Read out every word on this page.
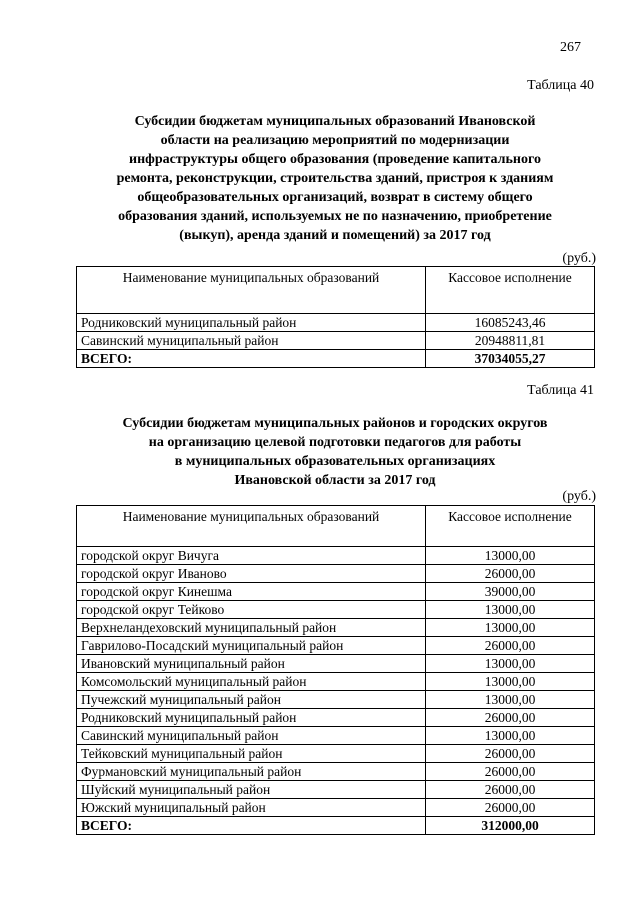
267
Таблица 40
Субсидии бюджетам муниципальных образований Ивановской
области на реализацию мероприятий по модернизации
инфраструктуры общего образования (проведение капитального
ремонта, реконструкции, строительства зданий, пристроя к зданиям
общеобразовательных организаций, возврат в систему общего
образования зданий, используемых не по назначению, приобретение
(выкуп), аренда зданий и помещений) за 2017 год
(руб.)
Наименование муниципальных образований	Кассовое исполнение
Родниковский муниципальный район	16085243,46
Савинский муниципальный район	20948811,81
ВСЕГО:	37034055,27
Таблица 41
Субсидии бюджетам муниципальных районов и городских округов
на организацию целевой подготовки педагогов для работы
в муниципальных образовательных организациях
Ивановской области за 2017 год
(руб.)
Наименование муниципальных образований	Кассовое исполнение
городской округ Вичуга	13000,00
городской округ Иваново	26000,00
городской округ Кинешма	39000,00
городской округ Тейково	13000,00
Верхнеландеховский муниципальный район	13000,00
Гаврилово-Посадский муниципальный район	26000,00
Ивановский муниципальный район	13000,00
Комсомольский муниципальный район	13000,00
Пучежский муниципальный район	13000,00
Родниковский муниципальный район	26000,00
Савинский муниципальный район	13000,00
Тейковский муниципальный район	26000,00
Фурмановский муниципальный район	26000,00
Шуйский муниципальный район	26000,00
Южский муниципальный район	26000,00
ВСЕГО:	312000,00
